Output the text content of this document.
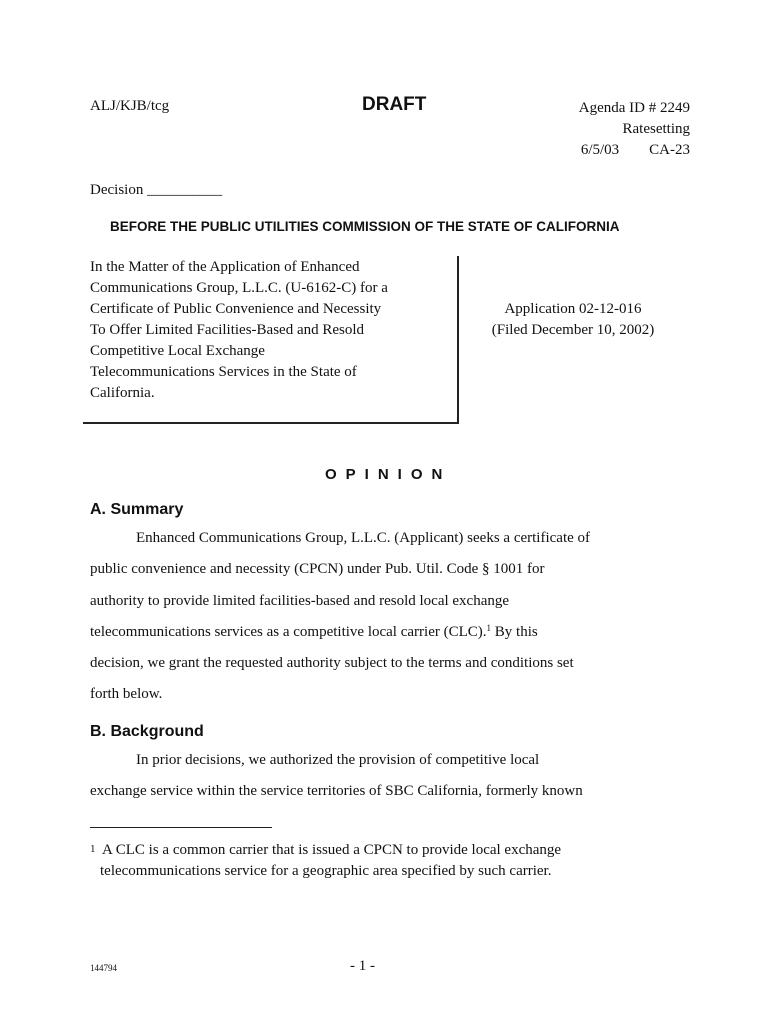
ALJ/KJB/tcg	DRAFT	Agenda ID # 2249
Ratesetting
6/5/03 CA-23
Decision __________
BEFORE THE PUBLIC UTILITIES COMMISSION OF THE STATE OF CALIFORNIA
In the Matter of the Application of Enhanced
Communications Group, L.L.C. (U-6162-C) for a
Certificate of Public Convenience and Necessity
To Offer Limited Facilities-Based and Resold
Competitive Local Exchange
Telecommunications Services in the State of
California.
Application 02-12-016
(Filed December 10, 2002)
OPINION
A. Summary
Enhanced Communications Group, L.L.C. (Applicant) seeks a certificate of
public convenience and necessity (CPCN) under Pub. Util. Code § 1001 for
authority to provide limited facilities-based and resold local exchange
telecommunications services as a competitive local carrier (CLC).$^1$ By this
decision, we grant the requested authority subject to the terms and conditions set
forth below.
B. Background
In prior decisions, we authorized the provision of competitive local
exchange service within the service territories of SBC California, formerly known
1 A CLC is a common carrier that is issued a CPCN to provide local exchange
telecommunications service for a geographic area specified by such carrier.
144794	- 1 -
